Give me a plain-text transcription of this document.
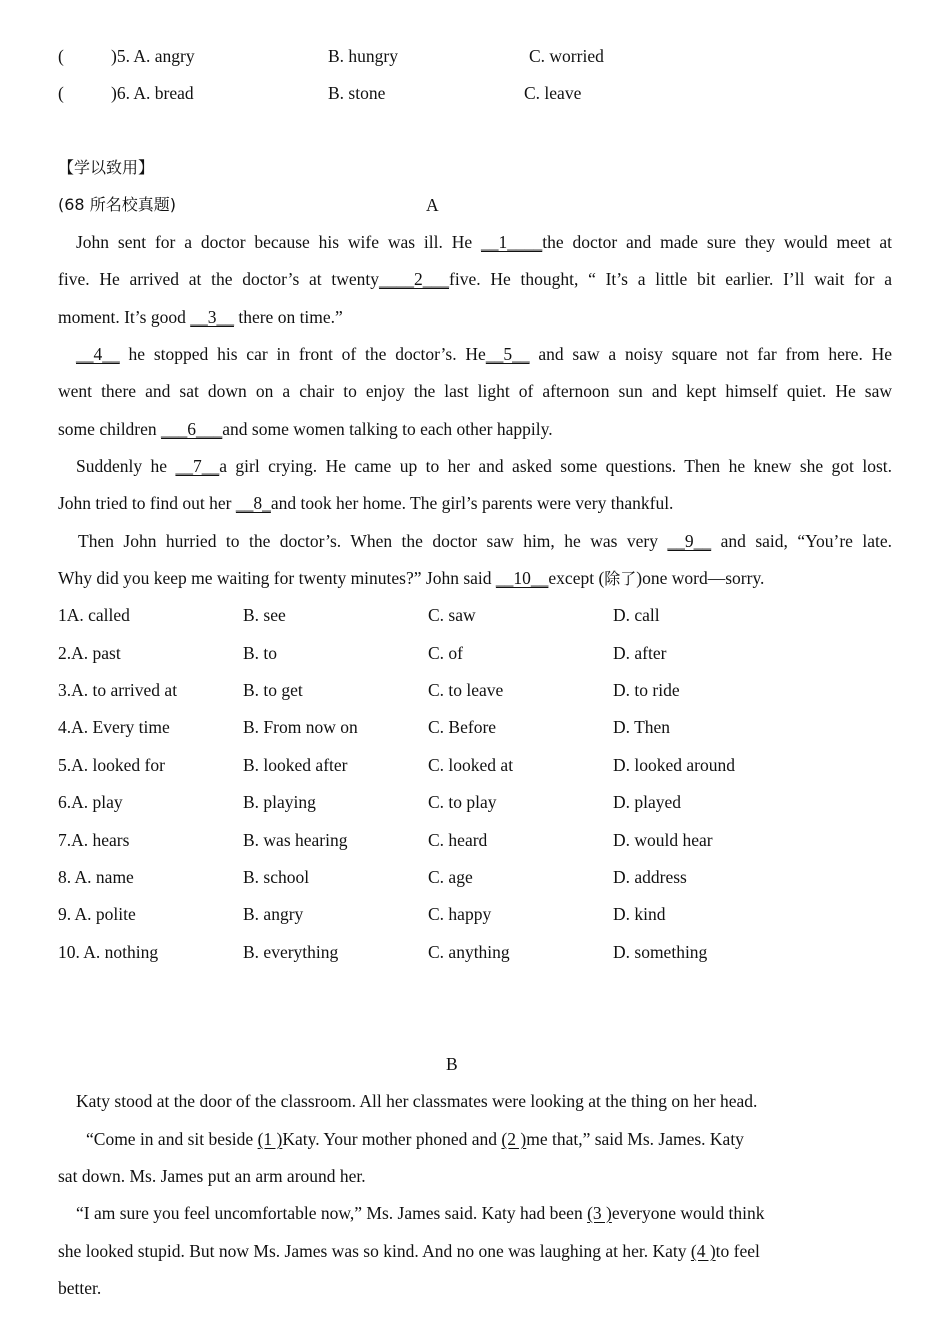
(	)5. A. angry	B. hungry	C. worried
(	)6. A. bread	B. stone	C. leave
【学以致用】
(68 所名校真题)	A
John sent for a doctor because his wife was ill. He __1____the doctor and made sure they would meet at
five. He arrived at the doctor’s at twenty____2___five. He thought, “ It’s a little bit earlier. I’ll wait for a
moment. It’s good __3__ there on time.”
__4__ he stopped his car in front of the doctor’s. He__5__ and saw a noisy square not far from here. He
went there and sat down on a chair to enjoy the last light of afternoon sun and kept himself quiet. He saw
some children ___6___and some women talking to each other happily.
Suddenly he __7__a girl crying. He came up to her and asked some questions. Then he knew she got lost.
John tried to find out her __8_and took her home. The girl’s parents were very thankful.
Then John hurried to the doctor’s. When the doctor saw him, he was very __9__ and said, “You’re late.
Why did you keep me waiting for twenty minutes?” John said __10__except (除了)one word—sorry.
1A. called	B. see	C. saw	D. call
2.A. past	B. to	C. of	D. after
3.A. to arrived at	B. to get	C. to leave	D. to ride
4.A. Every time	B. From now on	C. Before	D. Then
5.A. looked for	B. looked after	C. looked at	D. looked around
6.A. play	B. playing	C. to play	D. played
7.A. hears	B. was hearing	C. heard	D. would hear
8. A. name	B. school	C. age	D. address
9. A. polite	B. angry	C. happy	D. kind
10. A. nothing	B. everything	C. anything	D. something
B
Katy stood at the door of the classroom. All her classmates were looking at the thing on her head.
“Come in and sit beside (1 )Katy. Your mother phoned and (2 )me that,” said Ms. James. Katy
sat down. Ms. James put an arm around her.
“I am sure you feel uncomfortable now,” Ms. James said. Katy had been (3 )everyone would think
she looked stupid. But now Ms. James was so kind. And no one was laughing at her. Katy (4 )to feel
better.
